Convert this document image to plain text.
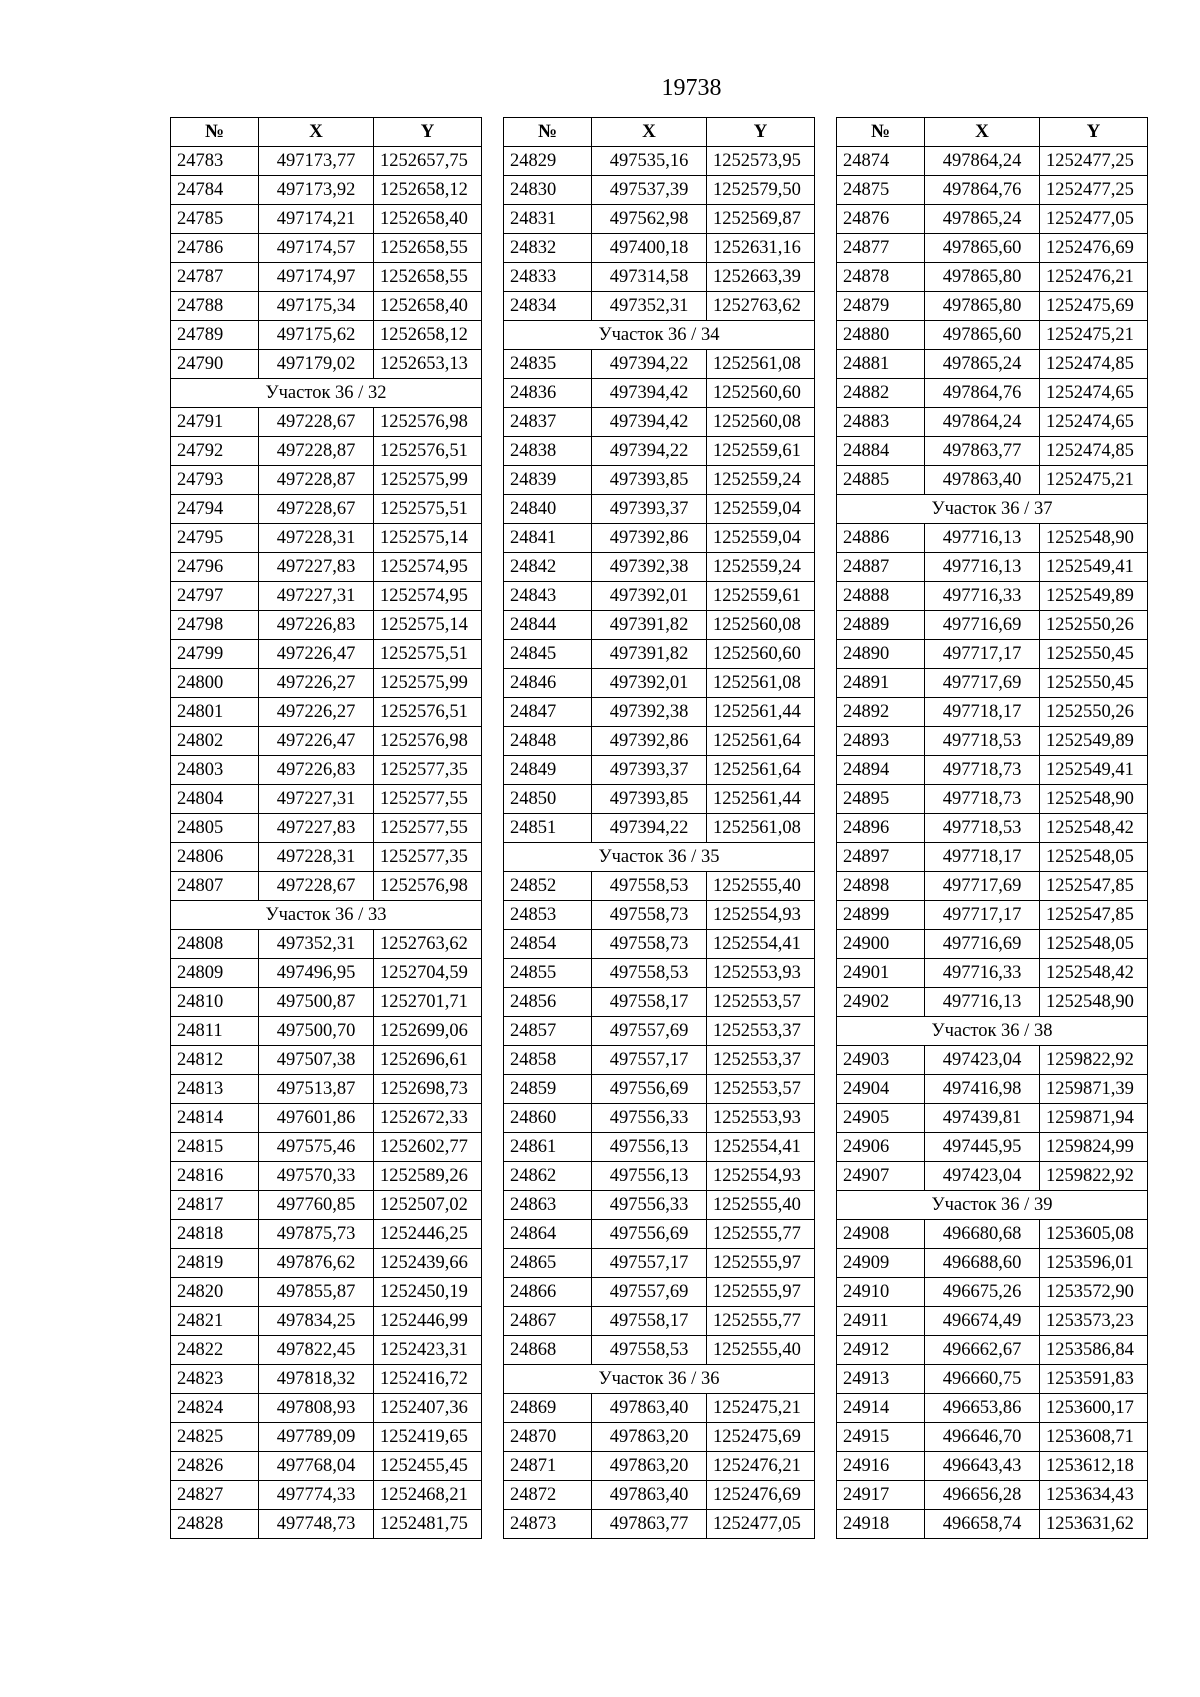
19738
№	X	Y
24783	497173,77	1252657,75
24784	497173,92	1252658,12
24785	497174,21	1252658,40
24786	497174,57	1252658,55
24787	497174,97	1252658,55
24788	497175,34	1252658,40
24789	497175,62	1252658,12
24790	497179,02	1252653,13
Участок 36 / 32		
24791	497228,67	1252576,98
24792	497228,87	1252576,51
24793	497228,87	1252575,99
24794	497228,67	1252575,51
24795	497228,31	1252575,14
24796	497227,83	1252574,95
24797	497227,31	1252574,95
24798	497226,83	1252575,14
24799	497226,47	1252575,51
24800	497226,27	1252575,99
24801	497226,27	1252576,51
24802	497226,47	1252576,98
24803	497226,83	1252577,35
24804	497227,31	1252577,55
24805	497227,83	1252577,55
24806	497228,31	1252577,35
24807	497228,67	1252576,98
Участок 36 / 33		
24808	497352,31	1252763,62
24809	497496,95	1252704,59
24810	497500,87	1252701,71
24811	497500,70	1252699,06
24812	497507,38	1252696,61
24813	497513,87	1252698,73
24814	497601,86	1252672,33
24815	497575,46	1252602,77
24816	497570,33	1252589,26
24817	497760,85	1252507,02
24818	497875,73	1252446,25
24819	497876,62	1252439,66
24820	497855,87	1252450,19
24821	497834,25	1252446,99
24822	497822,45	1252423,31
24823	497818,32	1252416,72
24824	497808,93	1252407,36
24825	497789,09	1252419,65
24826	497768,04	1252455,45
24827	497774,33	1252468,21
24828	497748,73	1252481,75
№	X	Y
24829	497535,16	1252573,95
24830	497537,39	1252579,50
24831	497562,98	1252569,87
24832	497400,18	1252631,16
24833	497314,58	1252663,39
24834	497352,31	1252763,62
Участок 36 / 34		
24835	497394,22	1252561,08
24836	497394,42	1252560,60
24837	497394,42	1252560,08
24838	497394,22	1252559,61
24839	497393,85	1252559,24
24840	497393,37	1252559,04
24841	497392,86	1252559,04
24842	497392,38	1252559,24
24843	497392,01	1252559,61
24844	497391,82	1252560,08
24845	497391,82	1252560,60
24846	497392,01	1252561,08
24847	497392,38	1252561,44
24848	497392,86	1252561,64
24849	497393,37	1252561,64
24850	497393,85	1252561,44
24851	497394,22	1252561,08
Участок 36 / 35		
24852	497558,53	1252555,40
24853	497558,73	1252554,93
24854	497558,73	1252554,41
24855	497558,53	1252553,93
24856	497558,17	1252553,57
24857	497557,69	1252553,37
24858	497557,17	1252553,37
24859	497556,69	1252553,57
24860	497556,33	1252553,93
24861	497556,13	1252554,41
24862	497556,13	1252554,93
24863	497556,33	1252555,40
24864	497556,69	1252555,77
24865	497557,17	1252555,97
24866	497557,69	1252555,97
24867	497558,17	1252555,77
24868	497558,53	1252555,40
Участок 36 / 36		
24869	497863,40	1252475,21
24870	497863,20	1252475,69
24871	497863,20	1252476,21
24872	497863,40	1252476,69
24873	497863,77	1252477,05
№	X	Y
24874	497864,24	1252477,25
24875	497864,76	1252477,25
24876	497865,24	1252477,05
24877	497865,60	1252476,69
24878	497865,80	1252476,21
24879	497865,80	1252475,69
24880	497865,60	1252475,21
24881	497865,24	1252474,85
24882	497864,76	1252474,65
24883	497864,24	1252474,65
24884	497863,77	1252474,85
24885	497863,40	1252475,21
Участок 36 / 37		
24886	497716,13	1252548,90
24887	497716,13	1252549,41
24888	497716,33	1252549,89
24889	497716,69	1252550,26
24890	497717,17	1252550,45
24891	497717,69	1252550,45
24892	497718,17	1252550,26
24893	497718,53	1252549,89
24894	497718,73	1252549,41
24895	497718,73	1252548,90
24896	497718,53	1252548,42
24897	497718,17	1252548,05
24898	497717,69	1252547,85
24899	497717,17	1252547,85
24900	497716,69	1252548,05
24901	497716,33	1252548,42
24902	497716,13	1252548,90
Участок 36 / 38		
24903	497423,04	1259822,92
24904	497416,98	1259871,39
24905	497439,81	1259871,94
24906	497445,95	1259824,99
24907	497423,04	1259822,92
Участок 36 / 39		
24908	496680,68	1253605,08
24909	496688,60	1253596,01
24910	496675,26	1253572,90
24911	496674,49	1253573,23
24912	496662,67	1253586,84
24913	496660,75	1253591,83
24914	496653,86	1253600,17
24915	496646,70	1253608,71
24916	496643,43	1253612,18
24917	496656,28	1253634,43
24918	496658,74	1253631,62
